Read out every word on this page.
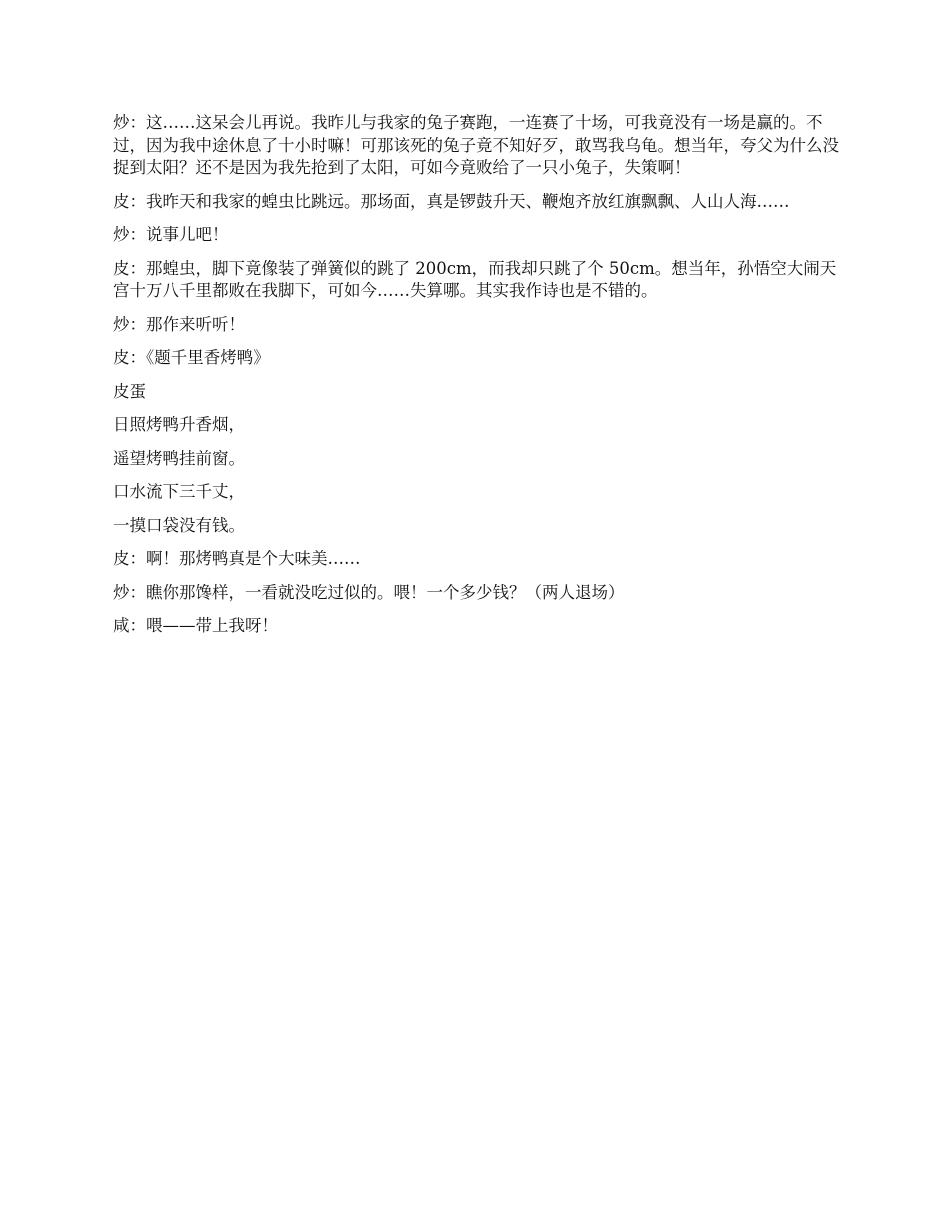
炒：这……这呆会儿再说。我昨儿与我家的兔子赛跑，一连赛了十场，可我竟没有一场是赢的。不过，因为我中途休息了十小时嘛！可那该死的兔子竟不知好歹，敢骂我乌龟。想当年，夸父为什么没捉到太阳？还不是因为我先抢到了太阳，可如今竟败给了一只小兔子，失策啊！

皮：我昨天和我家的蝗虫比跳远。那场面，真是锣鼓升天、鞭炮齐放红旗飘飘、人山人海……

炒：说事儿吧！

皮：那蝗虫，脚下竟像装了弹簧似的跳了 200cm，而我却只跳了个 50cm。想当年，孙悟空大闹天宫十万八千里都败在我脚下，可如今……失算哪。其实我作诗也是不错的。

炒：那作来听听！

皮：《题千里香烤鸭》

皮蛋

日照烤鸭升香烟，

遥望烤鸭挂前窗。

口水流下三千丈，

一摸口袋没有钱。

皮：啊！那烤鸭真是个大味美……

炒：瞧你那馋样，一看就没吃过似的。喂！一个多少钱？（两人退场）

咸：喂——带上我呀！
